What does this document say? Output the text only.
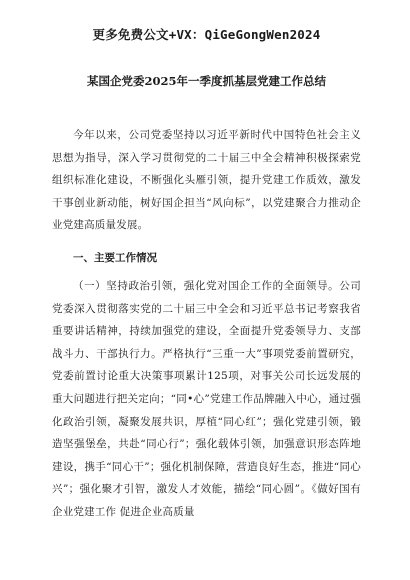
更多免费公文+VX：QiGeGongWen2024
某国企党委2025年一季度抓基层党建工作总结

今年以来，公司党委坚持以习近平新时代中国特色社会主义思想为指导，深入学习贯彻党的二十届三中全会精神积极探索党组织标准化建设，不断强化头雁引领，提升党建工作质效，激发干事创业新动能，树好国企担当“风向标”，以党建聚合力推动企业党建高质量发展。

一、主要工作情况

（一）坚持政治引领，强化党对国企工作的全面领导。公司党委深入贯彻落实党的二十届三中全会和习近平总书记考察我省重要讲话精神，持续加强党的建设，全面提升党委领导力、支部战斗力、干部执行力。严格执行“三重一大”事项党委前置研究，党委前置讨论重大决策事项累计125项，对事关公司长远发展的重大问题进行把关定向；“同•心”党建工作品牌融入中心，通过强化政治引领，凝聚发展共识，厚植“同心红”；强化党建引领，锻造坚强堡垒，共赴“同心行”；强化载体引领，加强意识形态阵地建设，携手“同心干”；强化机制保障，营造良好生态，推进“同心兴”；强化聚才引智，激发人才效能，描绘“同心圆”。《做好国有企业党建工作 促进企业高质量
